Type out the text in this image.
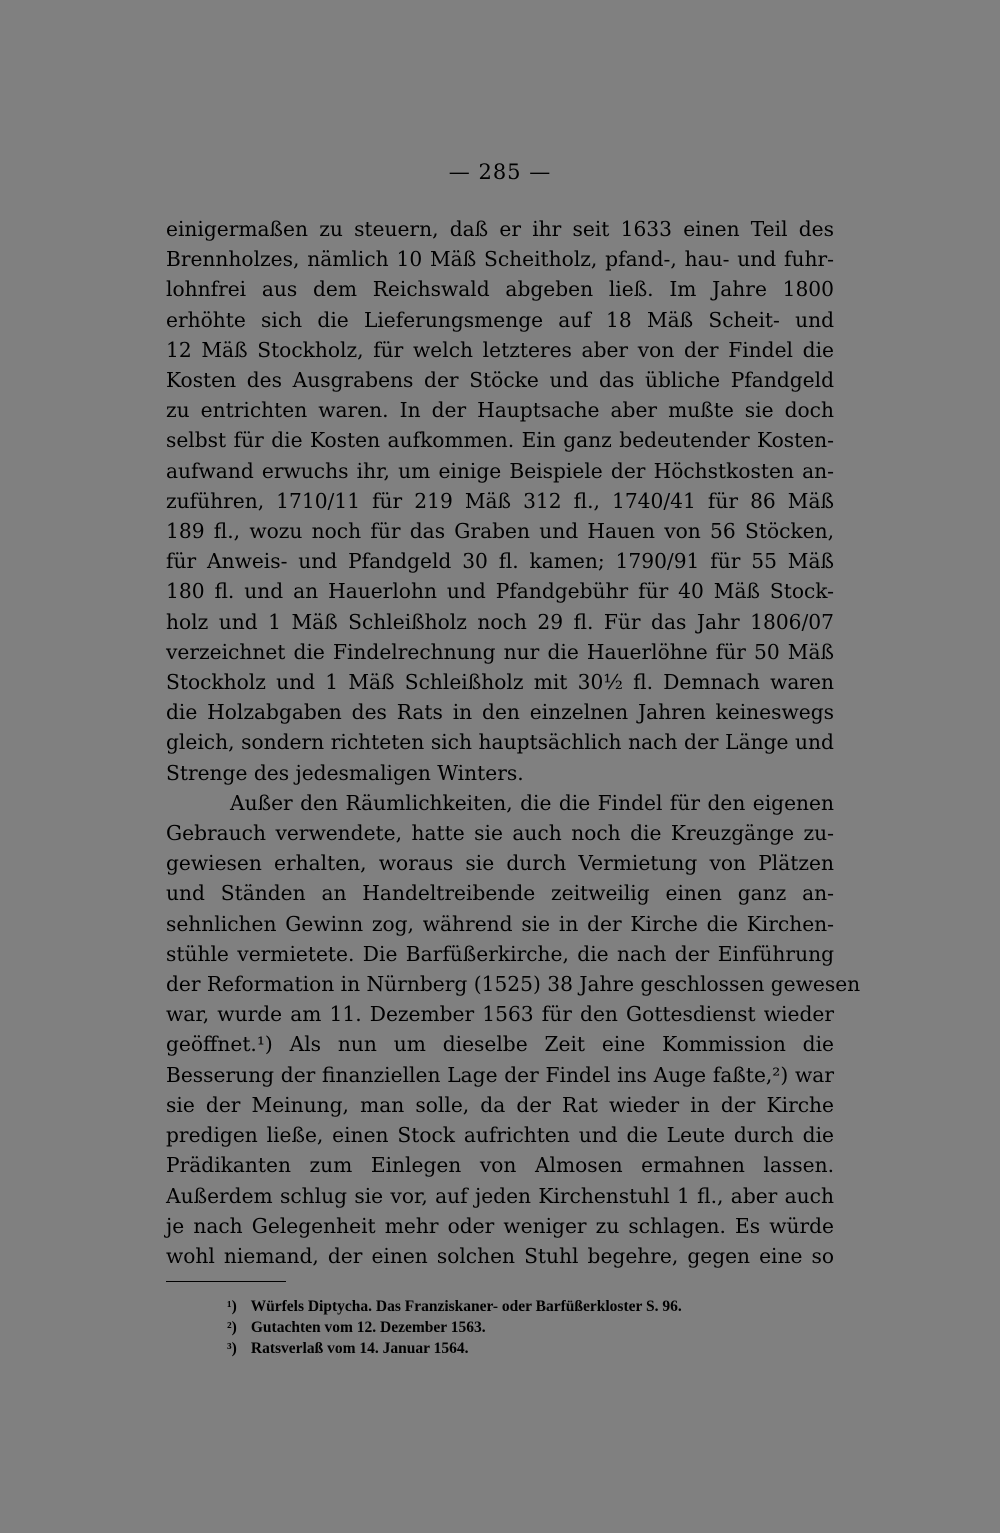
— 285 —
einigermaßen zu steuern, daß er ihr seit 1633 einen Teil des
Brennholzes, nämlich 10 Mäß Scheitholz, pfand-, hau- und fuhr-
lohnfrei aus dem Reichswald abgeben ließ. Im Jahre 1800
erhöhte sich die Lieferungsmenge auf 18 Mäß Scheit- und
12 Mäß Stockholz, für welch letzteres aber von der Findel die
Kosten des Ausgrabens der Stöcke und das übliche Pfandgeld
zu entrichten waren. In der Hauptsache aber mußte sie doch
selbst für die Kosten aufkommen. Ein ganz bedeutender Kosten-
aufwand erwuchs ihr, um einige Beispiele der Höchstkosten an-
zuführen, 1710/11 für 219 Mäß 312 fl., 1740/41 für 86 Mäß
189 fl., wozu noch für das Graben und Hauen von 56 Stöcken,
für Anweis- und Pfandgeld 30 fl. kamen; 1790/91 für 55 Mäß
180 fl. und an Hauerlohn und Pfandgebühr für 40 Mäß Stock-
holz und 1 Mäß Schleißholz noch 29 fl. Für das Jahr 1806/07
verzeichnet die Findelrechnung nur die Hauerlöhne für 50 Mäß
Stockholz und 1 Mäß Schleißholz mit 30½ fl. Demnach waren
die Holzabgaben des Rats in den einzelnen Jahren keineswegs
gleich, sondern richteten sich hauptsächlich nach der Länge und
Strenge des jedesmaligen Winters.
Außer den Räumlichkeiten, die die Findel für den eigenen
Gebrauch verwendete, hatte sie auch noch die Kreuzgänge zu-
gewiesen erhalten, woraus sie durch Vermietung von Plätzen
und Ständen an Handeltreibende zeitweilig einen ganz an-
sehnlichen Gewinn zog, während sie in der Kirche die Kirchen-
stühle vermietete. Die Barfüßerkirche, die nach der Einführung
der Reformation in Nürnberg (1525) 38 Jahre geschlossen gewesen
war, wurde am 11. Dezember 1563 für den Gottesdienst wieder
geöffnet.¹) Als nun um dieselbe Zeit eine Kommission die
Besserung der finanziellen Lage der Findel ins Auge faßte,²) war
sie der Meinung, man solle, da der Rat wieder in der Kirche
predigen ließe, einen Stock aufrichten und die Leute durch die
Prädikanten zum Einlegen von Almosen ermahnen lassen.
Außerdem schlug sie vor, auf jeden Kirchenstuhl 1 fl., aber auch
je nach Gelegenheit mehr oder weniger zu schlagen. Es würde
wohl niemand, der einen solchen Stuhl begehre, gegen eine so
¹) Würfels Diptycha. Das Franziskaner- oder Barfüßerkloster S. 96.
²) Gutachten vom 12. Dezember 1563.
³) Ratsverlaß vom 14. Januar 1564.
